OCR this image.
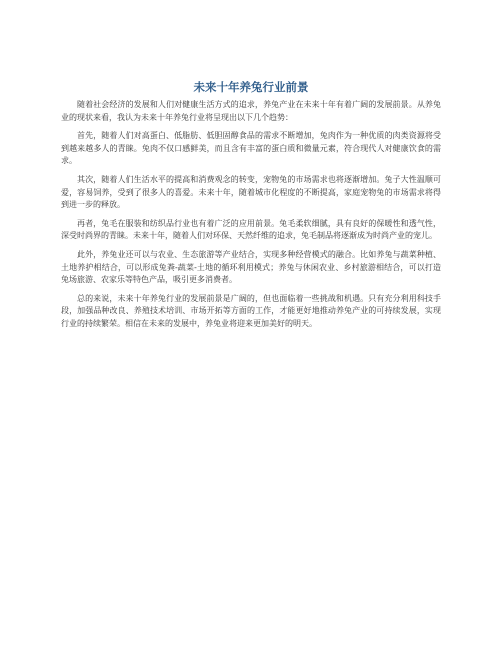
未来十年养兔行业前景

随着社会经济的发展和人们对健康生活方式的追求，养兔产业在未来十年有着广阔的发展前景。从养兔业的现状来看，我认为未来十年养兔行业将呈现出以下几个趋势：

首先，随着人们对高蛋白、低脂肪、低胆固醇食品的需求不断增加，兔肉作为一种优质的肉类资源将受到越来越多人的青睐。兔肉不仅口感鲜美，而且含有丰富的蛋白质和微量元素，符合现代人对健康饮食的需求。

其次，随着人们生活水平的提高和消费观念的转变，宠物兔的市场需求也将逐渐增加。兔子大性温顺可爱，容易饲养，受到了很多人的喜爱。未来十年，随着城市化程度的不断提高，家庭宠物兔的市场需求将得到进一步的释放。

再者，兔毛在服装和纺织品行业也有着广泛的应用前景。兔毛柔软细腻，具有良好的保暖性和透气性，深受时尚界的青睐。未来十年，随着人们对环保、天然纤维的追求，兔毛制品将逐渐成为时尚产业的宠儿。

此外，养兔业还可以与农业、生态旅游等产业结合，实现多种经营模式的融合。比如养兔与蔬菜种植、土地养护相结合，可以形成兔粪-蔬菜-土地的循环利用模式；养兔与休闲农业、乡村旅游相结合，可以打造兔场旅游、农家乐等特色产品，吸引更多消费者。

总的来说，未来十年养兔行业的发展前景是广阔的，但也面临着一些挑战和机遇。只有充分利用科技手段，加强品种改良、养殖技术培训、市场开拓等方面的工作，才能更好地推动养兔产业的可持续发展，实现行业的持续繁荣。相信在未来的发展中，养兔业将迎来更加美好的明天。
